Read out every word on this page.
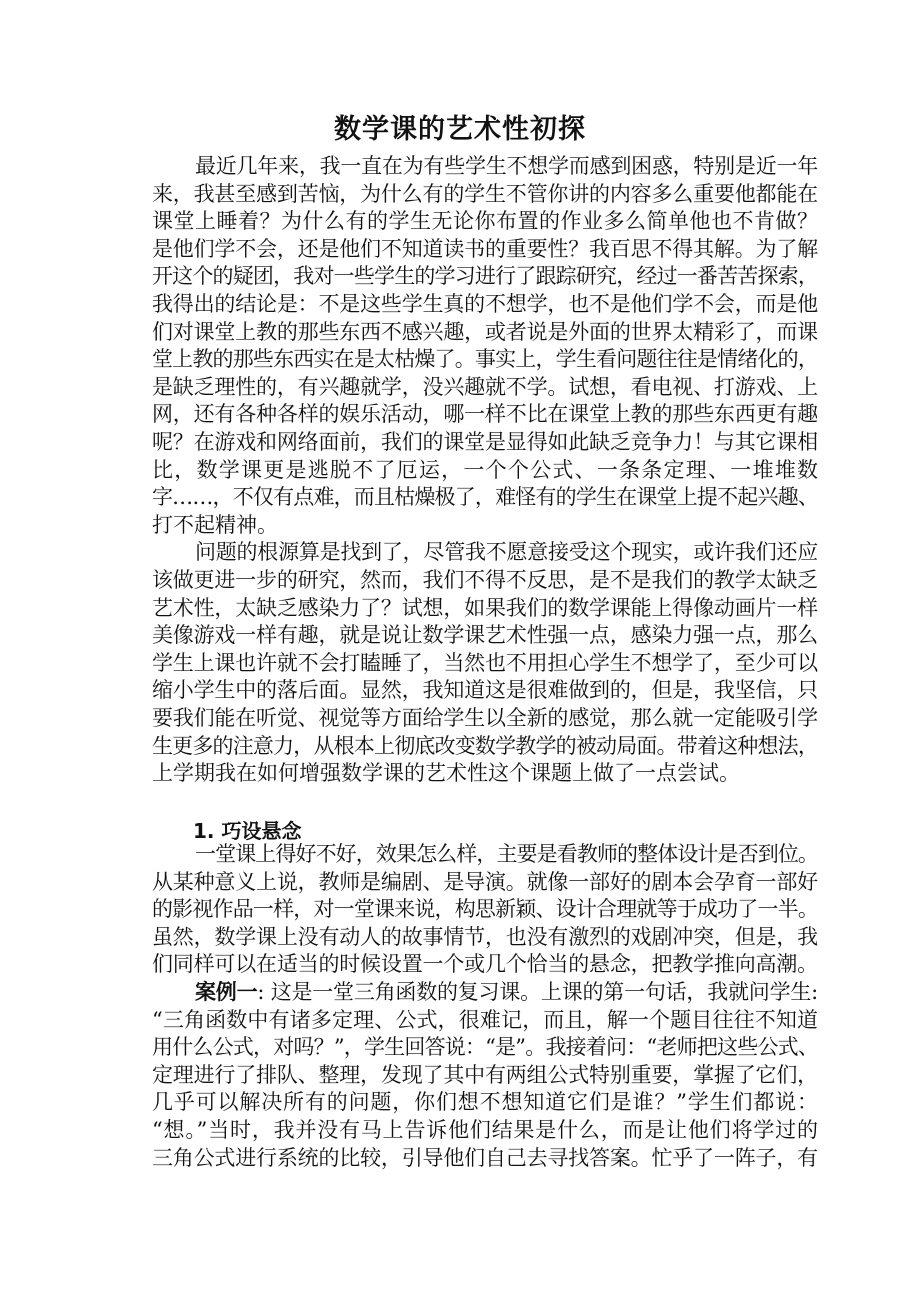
数学课的艺术性初探
最近几年来，我一直在为有些学生不想学而感到困惑，特别是近一年
来，我甚至感到苦恼，为什么有的学生不管你讲的内容多么重要他都能在
课堂上睡着？为什么有的学生无论你布置的作业多么简单他也不肯做？
是他们学不会，还是他们不知道读书的重要性？我百思不得其解。为了解
开这个的疑团，我对一些学生的学习进行了跟踪研究，经过一番苦苦探索，
我得出的结论是：不是这些学生真的不想学，也不是他们学不会，而是他
们对课堂上教的那些东西不感兴趣，或者说是外面的世界太精彩了，而课
堂上教的那些东西实在是太枯燥了。事实上，学生看问题往往是情绪化的，
是缺乏理性的，有兴趣就学，没兴趣就不学。试想，看电视、打游戏、上
网，还有各种各样的娱乐活动，哪一样不比在课堂上教的那些东西更有趣
呢？在游戏和网络面前，我们的课堂是显得如此缺乏竞争力！与其它课相
比，数学课更是逃脱不了厄运，一个个公式、一条条定理、一堆堆数
字……，不仅有点难，而且枯燥极了，难怪有的学生在课堂上提不起兴趣、
打不起精神。
问题的根源算是找到了，尽管我不愿意接受这个现实，或许我们还应
该做更进一步的研究，然而，我们不得不反思，是不是我们的教学太缺乏
艺术性，太缺乏感染力了？试想，如果我们的数学课能上得像动画片一样
美像游戏一样有趣，就是说让数学课艺术性强一点，感染力强一点，那么
学生上课也许就不会打瞌睡了，当然也不用担心学生不想学了，至少可以
缩小学生中的落后面。显然，我知道这是很难做到的，但是，我坚信，只
要我们能在听觉、视觉等方面给学生以全新的感觉，那么就一定能吸引学
生更多的注意力，从根本上彻底改变数学教学的被动局面。带着这种想法，
上学期我在如何增强数学课的艺术性这个课题上做了一点尝试。
1. 巧设悬念
一堂课上得好不好，效果怎么样，主要是看教师的整体设计是否到位。
从某种意义上说，教师是编剧、是导演。就像一部好的剧本会孕育一部好
的影视作品一样，对一堂课来说，构思新颖、设计合理就等于成功了一半。
虽然，数学课上没有动人的故事情节，也没有激烈的戏剧冲突，但是，我
们同样可以在适当的时候设置一个或几个恰当的悬念，把教学推向高潮。
案例一: 这是一堂三角函数的复习课。上课的第一句话，我就问学生:
“三角函数中有诸多定理、公式，很难记，而且，解一个题目往往不知道
用什么公式，对吗？”，学生回答说：“是”。我接着问：“老师把这些公式、
定理进行了排队、整理，发现了其中有两组公式特别重要，掌握了它们，
几乎可以解决所有的问题，你们想不想知道它们是谁？”学生们都说：
“想。”当时，我并没有马上告诉他们结果是什么，而是让他们将学过的
三角公式进行系统的比较，引导他们自己去寻找答案。忙乎了一阵子，有
